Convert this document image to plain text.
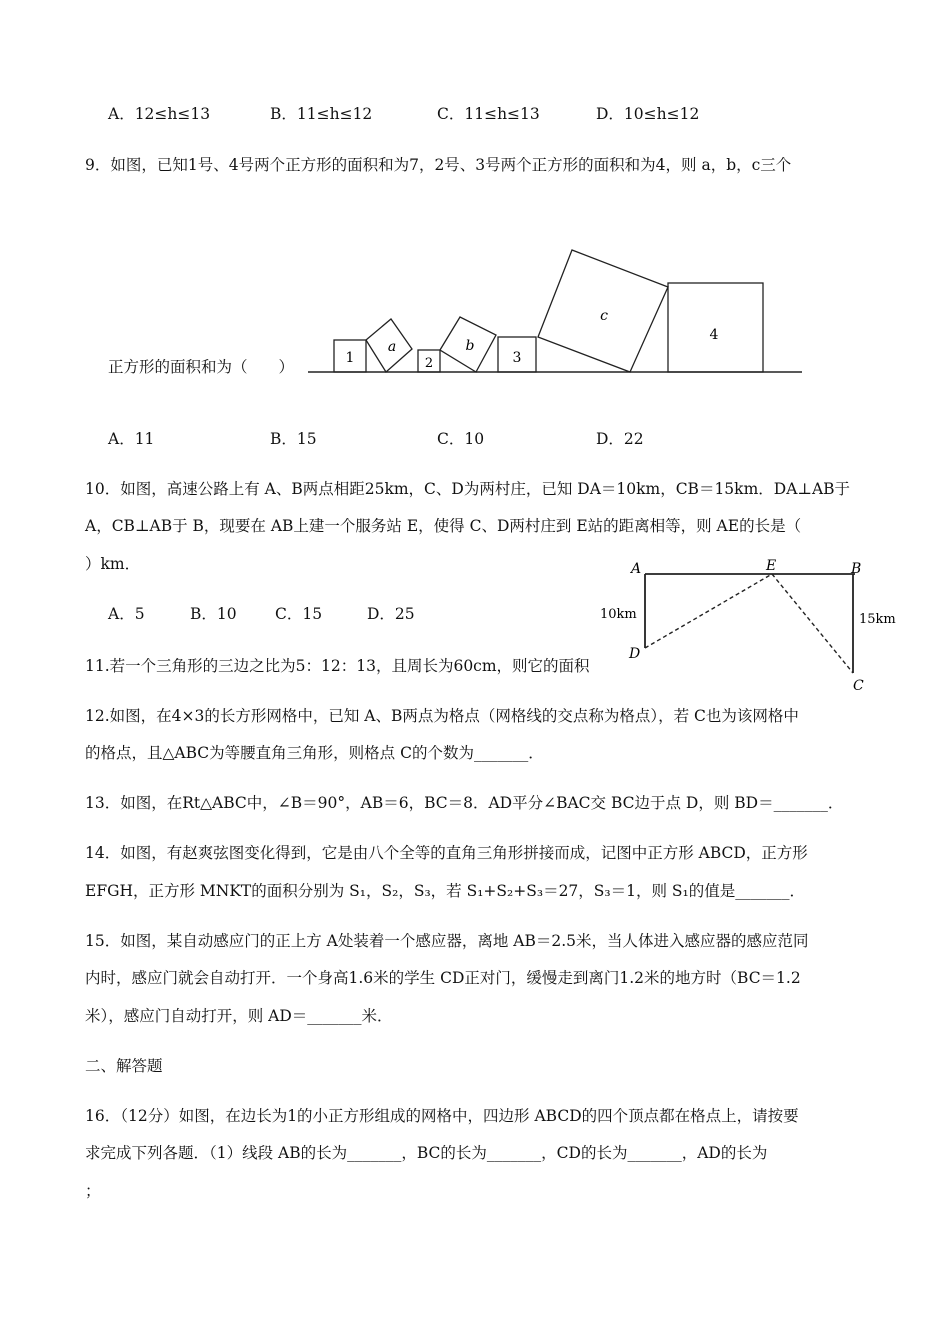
A．12≤h≤13	B．11≤h≤12	C．11≤h≤13	D．10≤h≤12
9．如图，已知1号、4号两个正方形的面积和为7，2号、3号两个正方形的面积和为4，则 a，b，c三个
1
a
2
b
3
c
4
正方形的面积和为（　　）
A．11	B．15	C．10	D．22
10．如图，高速公路上有 A、B两点相距25km，C、D为两村庄，已知 DA＝10km，CB＝15km．DA⊥AB于
A，CB⊥AB于 B，现要在 AB上建一个服务站 E，使得 C、D两村庄到 E站的距离相等，则 AE的长是（
）km．
A．5	B．10 C．15	D．25
11.若一个三角形的三边之比为5：12：13，且周长为60cm，则它的面积
A	E	B
D
C
10km	15km
12.如图，在4×3的长方形网格中，已知 A、B两点为格点（网格线的交点称为格点），若 C也为该网格中
的格点，且△ABC为等腰直角三角形，则格点 C的个数为_______．
13．如图，在Rt△ABC中，∠B＝90°，AB＝6，BC＝8．AD平分∠BAC交 BC边于点 D，则 BD＝_______．
14．如图，有赵爽弦图变化得到，它是由八个全等的直角三角形拼接而成，记图中正方形 ABCD，正方形
EFGH，正方形 MNKT的面积分别为 S₁，S₂，S₃，若 S₁+S₂+S₃＝27，S₃＝1，则 S₁的值是_______．
15．如图，某自动感应门的正上方 A处装着一个感应器，离地 AB＝2.5米，当人体进入感应器的感应范同
内时，感应门就会自动打开．一个身高1.6米的学生 CD正对门，缓慢走到离门1.2米的地方时（BC＝1.2
米），感应门自动打开，则 AD＝_______米．
二、解答题
16．（12分）如图，在边长为1的小正方形组成的网格中，四边形 ABCD的四个顶点都在格点上，请按要
求完成下列各题．（1）线段 AB的长为_______，BC的长为_______，CD的长为_______，AD的长为
；
